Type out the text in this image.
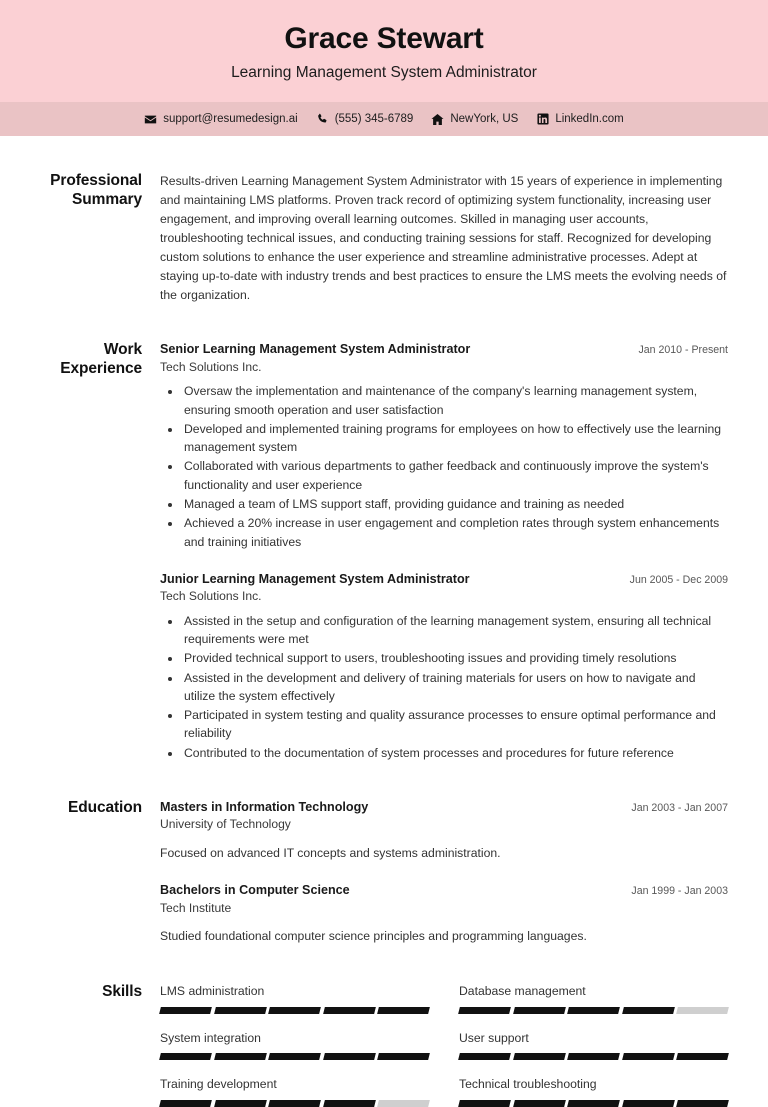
Grace Stewart
Learning Management System Administrator
support@resumedesign.ai	(555) 345-6789	NewYork, US	LinkedIn.com
Professional Summary

Results-driven Learning Management System Administrator with 15 years of experience in implementing and maintaining LMS platforms. Proven track record of optimizing system functionality, increasing user engagement, and improving overall learning outcomes. Skilled in managing user accounts, troubleshooting technical issues, and conducting training sessions for staff. Recognized for developing custom solutions to enhance the user experience and streamline administrative processes. Adept at staying up-to-date with industry trends and best practices to ensure the LMS meets the evolving needs of the organization.

Work Experience
Senior Learning Management System Administrator	Jan 2010 - Present
Tech Solutions Inc.
• Oversaw the implementation and maintenance of the company's learning management system, ensuring smooth operation and user satisfaction
• Developed and implemented training programs for employees on how to effectively use the learning management system
• Collaborated with various departments to gather feedback and continuously improve the system's functionality and user experience
• Managed a team of LMS support staff, providing guidance and training as needed
• Achieved a 20% increase in user engagement and completion rates through system enhancements and training initiatives
Junior Learning Management System Administrator	Jun 2005 - Dec 2009
Tech Solutions Inc.
• Assisted in the setup and configuration of the learning management system, ensuring all technical requirements were met
• Provided technical support to users, troubleshooting issues and providing timely resolutions
• Assisted in the development and delivery of training materials for users on how to navigate and utilize the system effectively
• Participated in system testing and quality assurance processes to ensure optimal performance and reliability
• Contributed to the documentation of system processes and procedures for future reference
Education	Masters in Information Technology	Jan 2003 - Jan 2007
University of Technology
Focused on advanced IT concepts and systems administration.
Bachelors in Computer Science	Jan 1999 - Jan 2003
Tech Institute
Studied foundational computer science principles and programming languages.
Skills	LMS administration	Database management
System integration	User support
Training development	Technical troubleshooting
